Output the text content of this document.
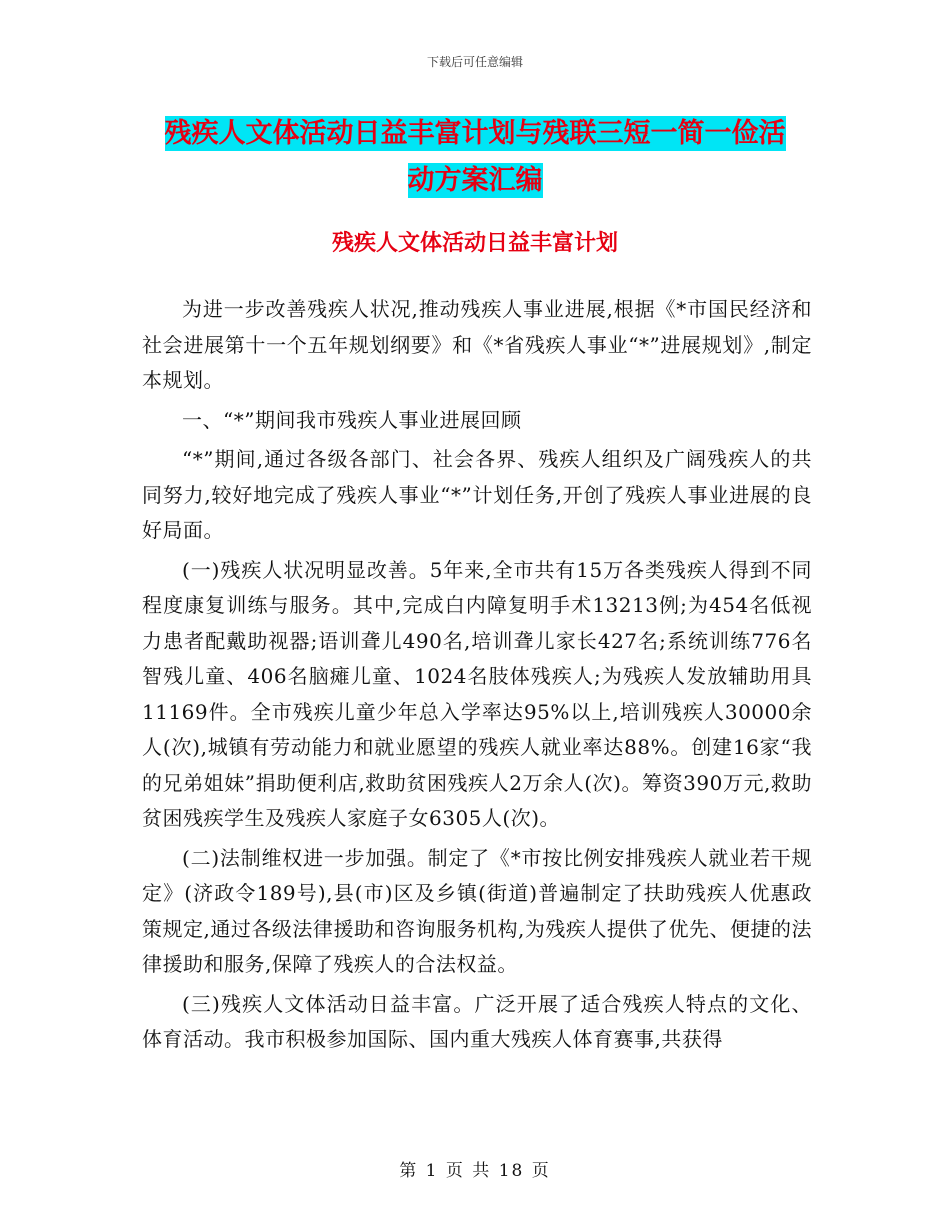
下载后可任意编辑
残疾人文体活动日益丰富计划与残联三短一简一俭活
动方案汇编
残疾人文体活动日益丰富计划

为进一步改善残疾人状况,推动残疾人事业进展,根据《*市国民经济和社会进展第十一个五年规划纲要》和《*省残疾人事业“*”进展规划》,制定本规划。

一、“*”期间我市残疾人事业进展回顾

“*”期间,通过各级各部门、社会各界、残疾人组织及广阔残疾人的共同努力,较好地完成了残疾人事业“*”计划任务,开创了残疾人事业进展的良好局面。

(一)残疾人状况明显改善。5年来,全市共有15万各类残疾人得到不同程度康复训练与服务。其中,完成白内障复明手术13213例;为454名低视力患者配戴助视器;语训聋儿490名,培训聋儿家长427名;系统训练776名智残儿童、406名脑瘫儿童、1024名肢体残疾人;为残疾人发放辅助用具11169件。全市残疾儿童少年总入学率达95%以上,培训残疾人30000余人(次),城镇有劳动能力和就业愿望的残疾人就业率达88%。创建16家“我的兄弟姐妹”捐助便利店,救助贫困残疾人2万余人(次)。筹资390万元,救助贫困残疾学生及残疾人家庭子女6305人(次)。

(二)法制维权进一步加强。制定了《*市按比例安排残疾人就业若干规定》(济政令189号),县(市)区及乡镇(街道)普遍制定了扶助残疾人优惠政策规定,通过各级法律援助和咨询服务机构,为残疾人提供了优先、便捷的法律援助和服务,保障了残疾人的合法权益。

(三)残疾人文体活动日益丰富。广泛开展了适合残疾人特点的文化、体育活动。我市积极参加国际、国内重大残疾人体育赛事,共获得

第 1 页 共 18 页
